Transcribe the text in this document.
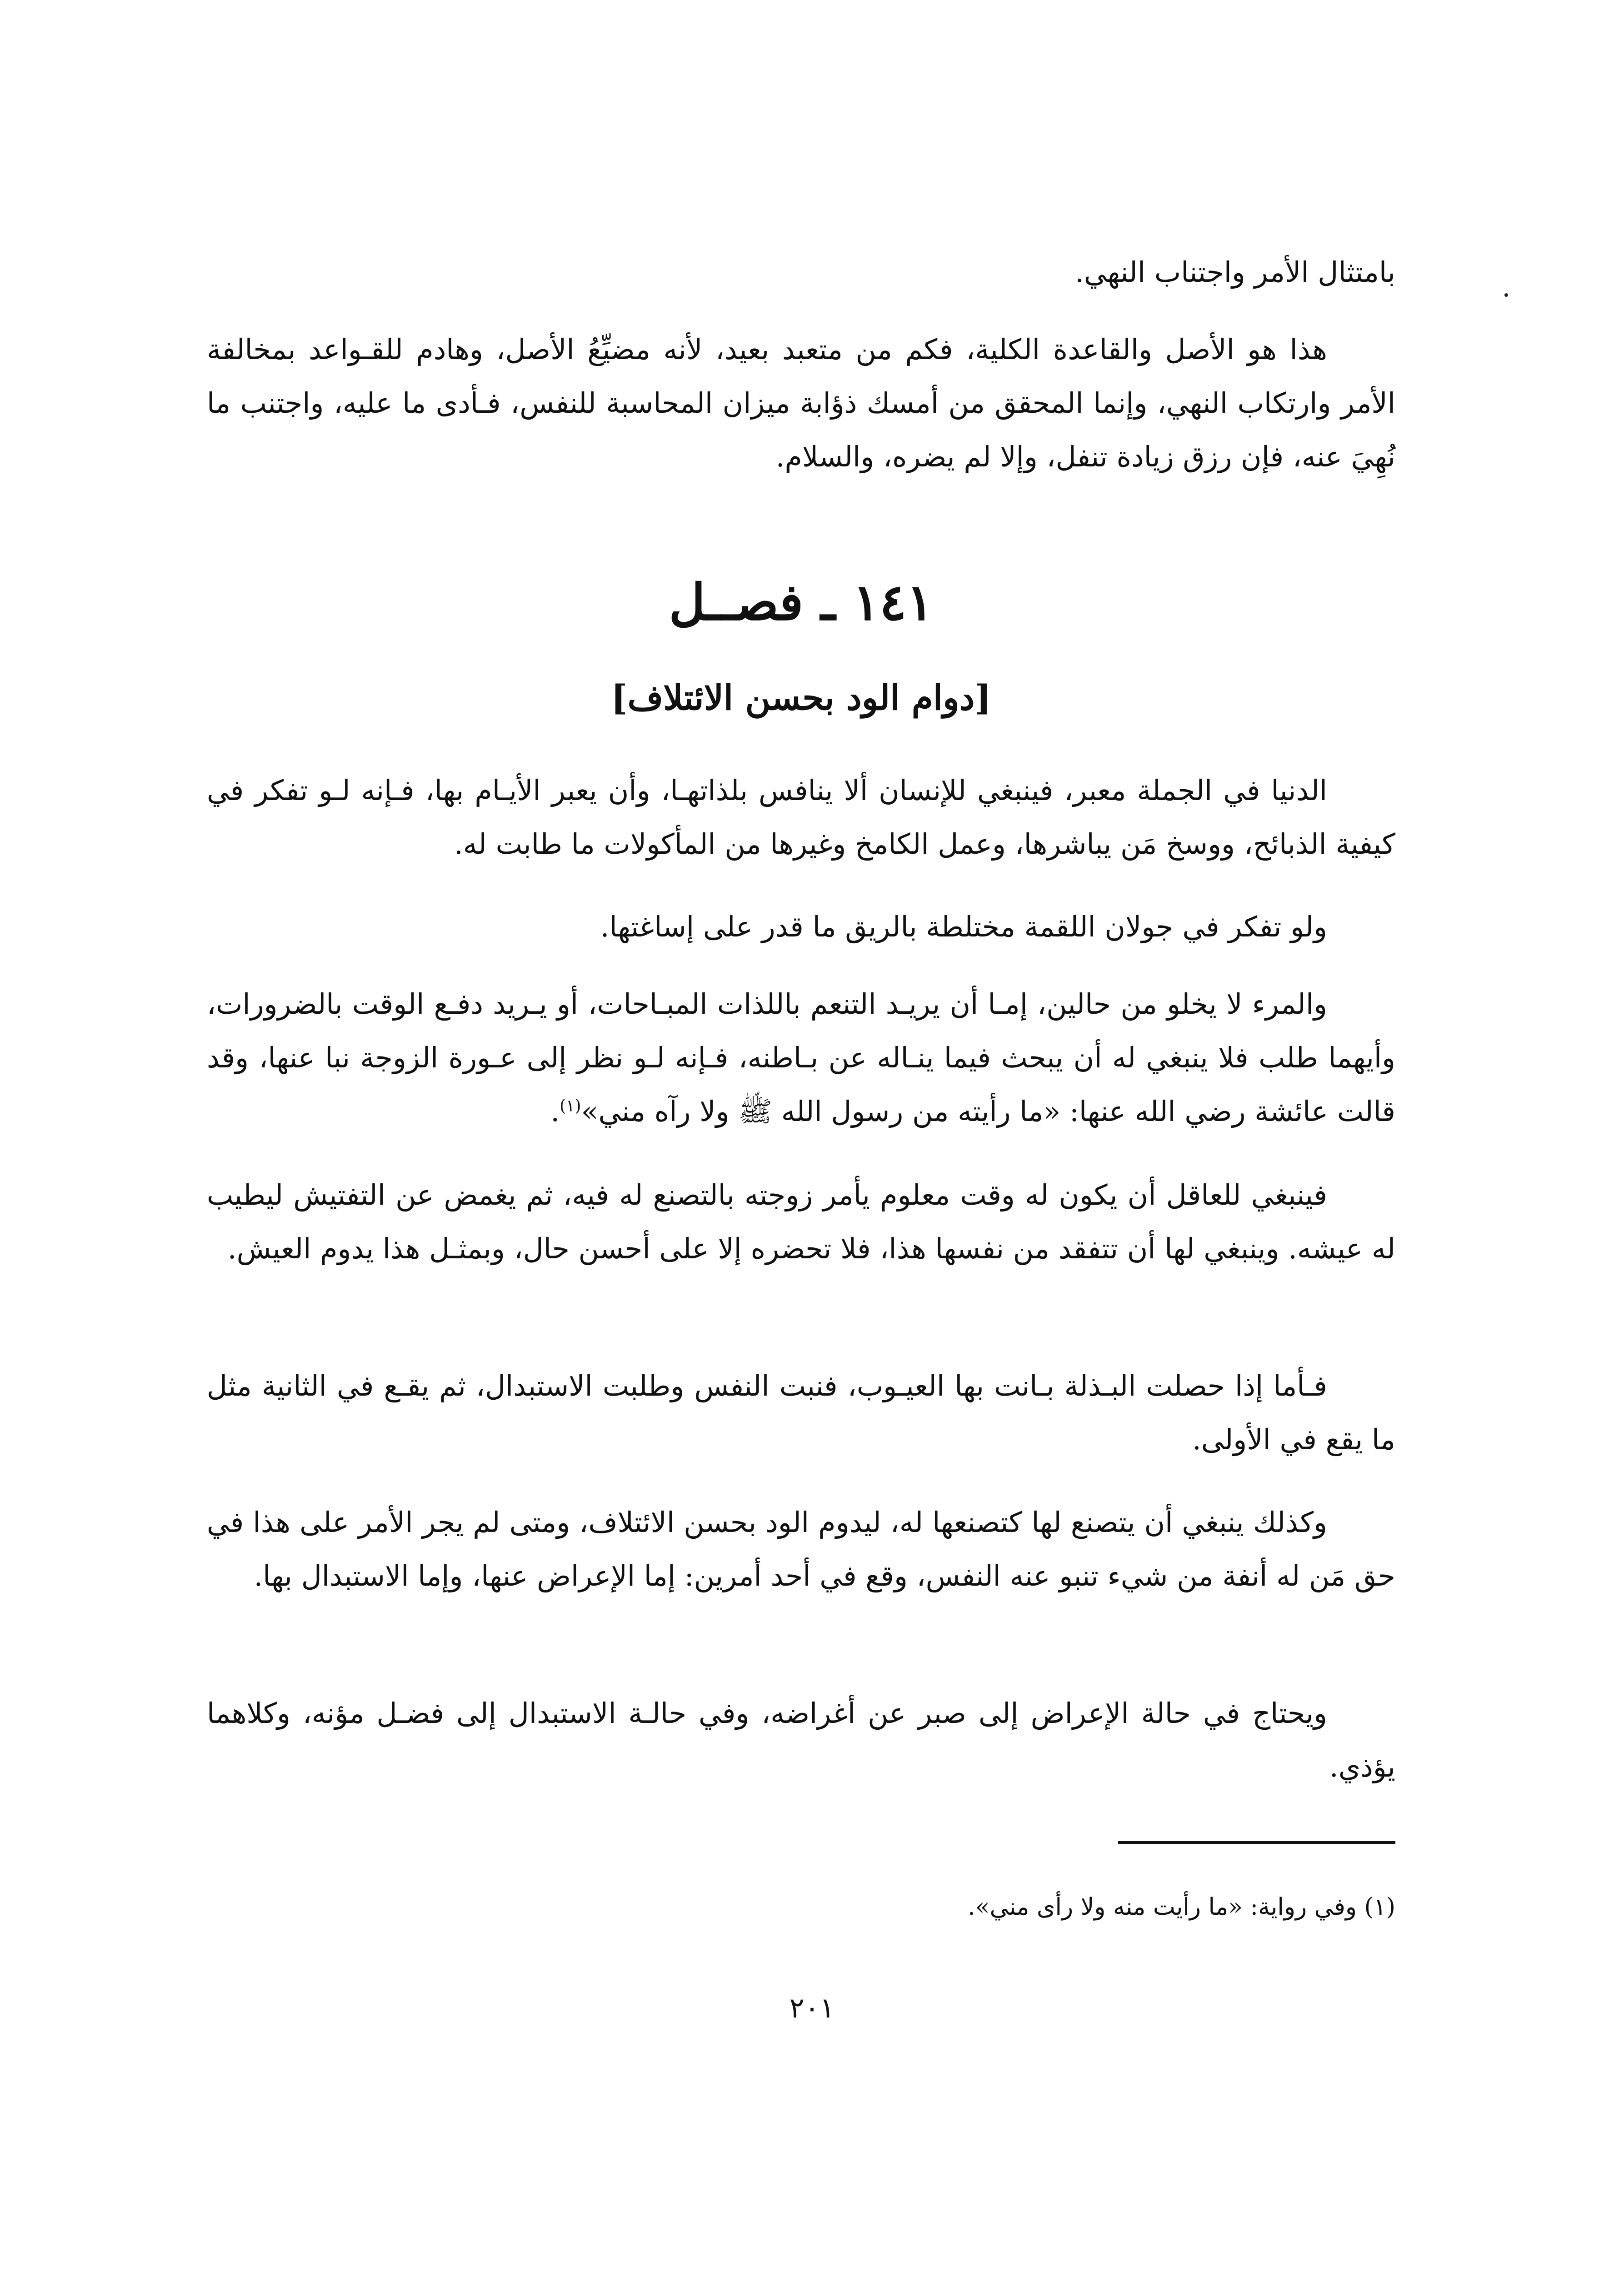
بامتثال الأمر واجتناب النهي.

هذا هو الأصل والقاعدة الكلية، فكم من متعبد بعيد، لأنه مضيِّعُ الأصل، وهادم للقـواعد بمخالفة الأمر وارتكاب النهي، وإنما المحقق من أمسك ذؤابة ميزان المحاسبة للنفس، فـأدى ما عليه، واجتنب ما نُهِيَ عنه، فإن رزق زيادة تنفل، وإلا لم يضره، والسلام.

١٤١ ـ فصــل
[دوام الود بحسن الائتلاف]

الدنيا في الجملة معبر، فينبغي للإنسان ألا ينافس بلذاتهـا، وأن يعبر الأيـام بها، فـإنه لـو تفكر في كيفية الذبائح، ووسخ مَن يباشرها، وعمل الكامخ وغيرها من المأكولات ما طابت له.

ولو تفكر في جولان اللقمة مختلطة بالريق ما قدر على إساغتها.

والمرء لا يخلو من حالين، إمـا أن يريـد التنعم باللذات المبـاحات، أو يـريد دفـع الوقت بالضرورات، وأيهما طلب فلا ينبغي له أن يبحث فيما ينـاله عن بـاطنه، فـإنه لـو نظر إلى عـورة الزوجة نبا عنها، وقد قالت عائشة رضي الله عنها: «ما رأيته من رسول الله ﷺ ولا رآه مني»$^{(١)}$.

فينبغي للعاقل أن يكون له وقت معلوم يأمر زوجته بالتصنع له فيه، ثم يغمض عن التفتيش ليطيب له عيشه. وينبغي لها أن تتفقد من نفسها هذا، فلا تحضره إلا على أحسن حال، وبمثـل هذا يدوم العيش.

فـأما إذا حصلت البـذلة بـانت بها العيـوب، فنبت النفس وطلبت الاستبدال، ثم يقـع في الثانية مثل ما يقع في الأولى.

وكذلك ينبغي أن يتصنع لها كتصنعها له، ليدوم الود بحسن الائتلاف، ومتى لم يجر الأمر على هذا في حق مَن له أنفة من شيء تنبو عنه النفس، وقع في أحد أمرين: إما الإعراض عنها، وإما الاستبدال بها.

ويحتاج في حالة الإعراض إلى صبر عن أغراضه، وفي حالـة الاستبدال إلى فضـل مؤنه، وكلاهما يؤذي.

(١) وفي رواية: «ما رأيت منه ولا رأى مني».

٢٠١
